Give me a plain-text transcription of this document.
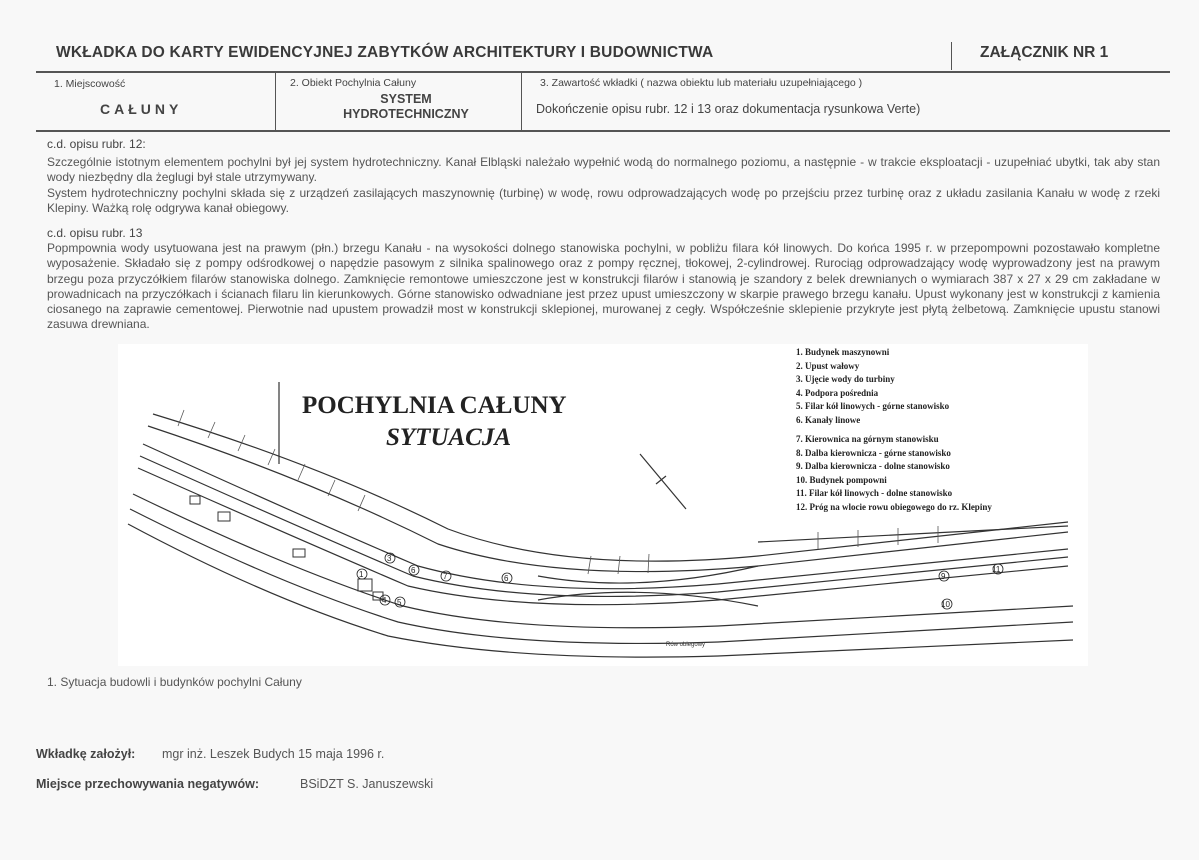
WKŁADKA DO KARTY EWIDENCYJNEJ ZABYTKÓW ARCHITEKTURY I BUDOWNICTWA	ZAŁĄCZNIK NR 1
1. Miejscowość
CAŁUNY
2. Obiekt Pochylnia Całuny
SYSTEM
HYDROTECHNICZNY
3. Zawartość wkładki ( nazwa obiektu lub materiału uzupełniającego )
Dokończenie opisu rubr. 12 i 13 oraz dokumentacja rysunkowa Verte)
c.d. opisu rubr. 12:
Szczególnie istotnym elementem pochylni był jej system hydrotechniczny. Kanał Elbląski należało wypełnić wodą do normalnego poziomu, a następnie - w trakcie eksploatacji - uzupełniać ubytki, tak aby stan wody niezbędny dla żeglugi był stale utrzymywany.
System hydrotechniczny pochylni składa się z urządzeń zasilających maszynownię (turbinę) w wodę, rowu odprowadzających wodę po przejściu przez turbinę oraz z układu zasilania Kanału w wodę z rzeki Klepiny. Ważką rolę odgrywa kanał obiegowy.
c.d. opisu rubr. 13
Popmpownia wody usytuowana jest na prawym (płn.) brzegu Kanału - na wysokości dolnego stanowiska pochylni, w pobliżu filara kół linowych. Do końca 1995 r. w przepompowni pozostawało kompletne wyposażenie. Składało się z pompy odśrodkowej o napędzie pasowym z silnika spalinowego oraz z pompy ręcznej, tłokowej, 2-cylindrowej. Rurociąg odprowadzający wodę wyprowadzony jest na prawym brzegu poza przyczółkiem filarów stanowiska dolnego. Zamknięcie remontowe umieszczone jest w konstrukcji filarów i stanowią je szandory z belek drewnianych o wymiarach 387 x 27 x 29 cm zakładane w prowadnicach na przyczółkach i ścianach filaru lin kierunkowych. Górne stanowisko odwadniane jest przez upust umieszczony w skarpie prawego brzegu kanału. Upust wykonany jest w konstrukcji z kamienia ciosanego na zaprawie cementowej. Pierwotnie nad upustem prowadził most w konstrukcji sklepionej, murowanej z cegły. Współcześnie sklepienie przykryte jest płytą żelbetową. Zamknięcie upustu stanowi zasuwa drewniana.
1
3
6
7	6
4 5
9
11
10
Rów obiegowy
POCHYLNIA CAŁUNY
SYTUACJA
1. Budynek maszynowni
2. Upust wałowy
3. Ujęcie wody do turbiny
4. Podpora pośrednia
5. Filar kół linowych - górne stanowisko
6. Kanały linowe
7. Kierownica na górnym stanowisku
8. Dalba kierownicza - górne stanowisko
9. Dalba kierownicza - dolne stanowisko
10. Budynek pompowni
11. Filar kół linowych - dolne stanowisko
12. Próg na wlocie rowu obiegowego do rz. Klepiny
1. Sytuacja budowli i budynków pochylni Całuny
Wkładkę założył: mgr inż. Leszek Budych 15 maja 1996 r.
Miejsce przechowywania negatywów:	BSiDZT S. Januszewski
